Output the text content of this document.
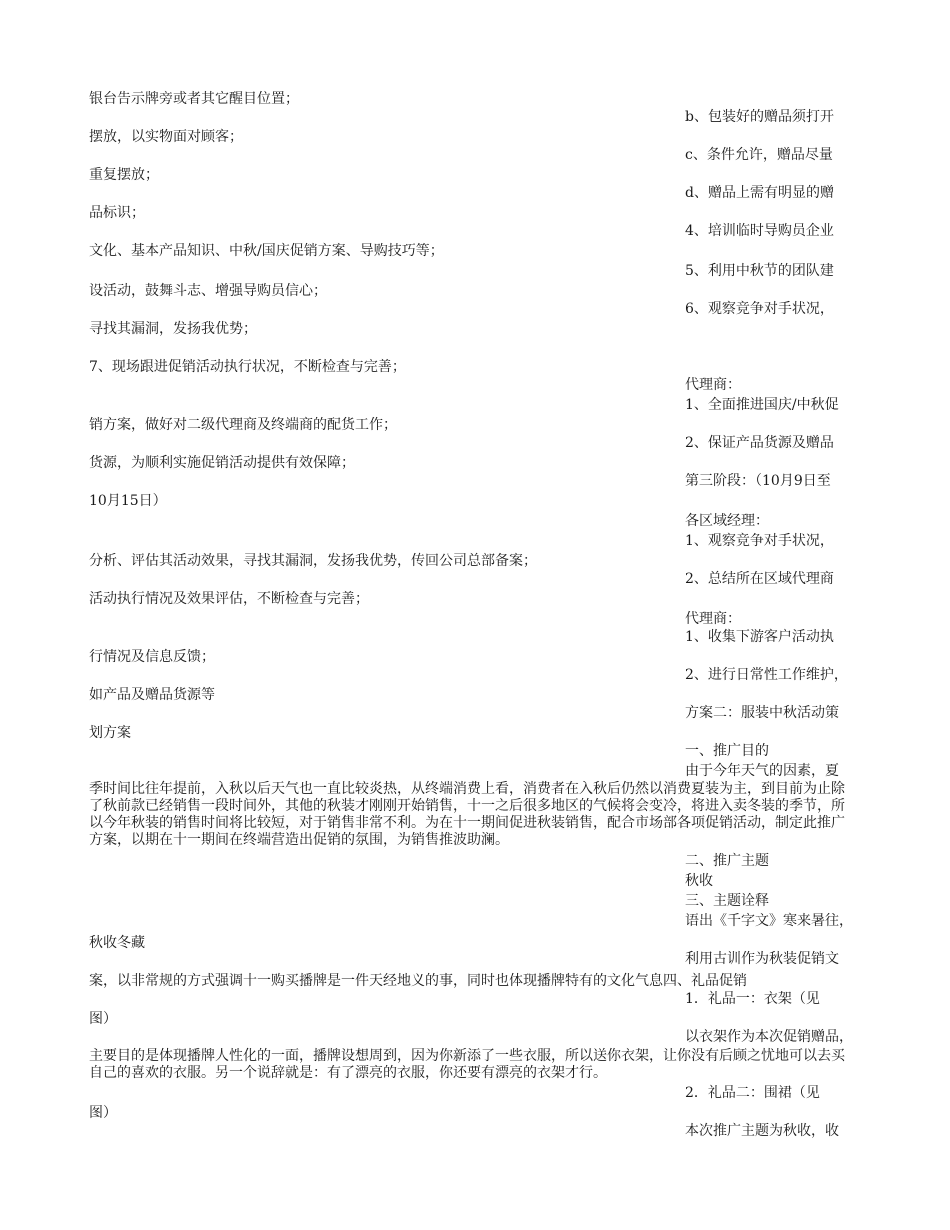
银台告示牌旁或者其它醒目位置；
摆放，以实物面对顾客；
重复摆放；
品标识；
文化、基本产品知识、中秋/国庆促销方案、导购技巧等；
设活动，鼓舞斗志、增强导购员信心；
寻找其漏洞，发扬我优势；
7、现场跟进促销活动执行状况，不断检查与完善；
销方案，做好对二级代理商及终端商的配货工作；
货源，为顺利实施促销活动提供有效保障；
10月15日）
分析、评估其活动效果，寻找其漏洞，发扬我优势，传回公司总部备案；
活动执行情况及效果评估，不断检查与完善；
行情况及信息反馈；
如产品及赠品货源等
划方案
季时间比往年提前，入秋以后天气也一直比较炎热，从终端消费上看，消费者在入秋后仍然以消费夏装为主，到目前为止除了秋前款已经销售一段时间外，其他的秋装才刚刚开始销售，十一之后很多地区的气候将会变冷，将进入卖冬装的季节，所以今年秋装的销售时间将比较短，对于销售非常不利。为在十一期间促进秋装销售，配合市场部各项促销活动，制定此推广方案，以期在十一期间在终端营造出促销的氛围，为销售推波助澜。
秋收冬藏
案，以非常规的方式强调十一购买播牌是一件天经地义的事，同时也体现播牌特有的文化气息四、礼品促销
图）
主要目的是体现播牌人性化的一面，播牌设想周到，因为你新添了一些衣服，所以送你衣架，让你没有后顾之忧地可以去买自己的喜欢的衣服。另一个说辞就是：有了漂亮的衣服，你还要有漂亮的衣架才行。
图）
b、包装好的赠品须打开
c、条件允许，赠品尽量
d、赠品上需有明显的赠
4、培训临时导购员企业
5、利用中秋节的团队建
6、观察竞争对手状况，
代理商：
1、全面推进国庆/中秋促
2、保证产品货源及赠品
第三阶段：（10月9日至
各区域经理：
1、观察竞争对手状况，
2、总结所在区域代理商
代理商：
1、收集下游客户活动执
2、进行日常性工作维护，
方案二：服装中秋活动策
一、推广目的
由于今年天气的因素，夏
二、推广主题
秋收
三、主题诠释
语出《千字文》寒来暑往，
利用古训作为秋装促销文
1．礼品一：衣架（见
以衣架作为本次促销赠品，
2．礼品二：围裙（见
本次推广主题为秋收，收
